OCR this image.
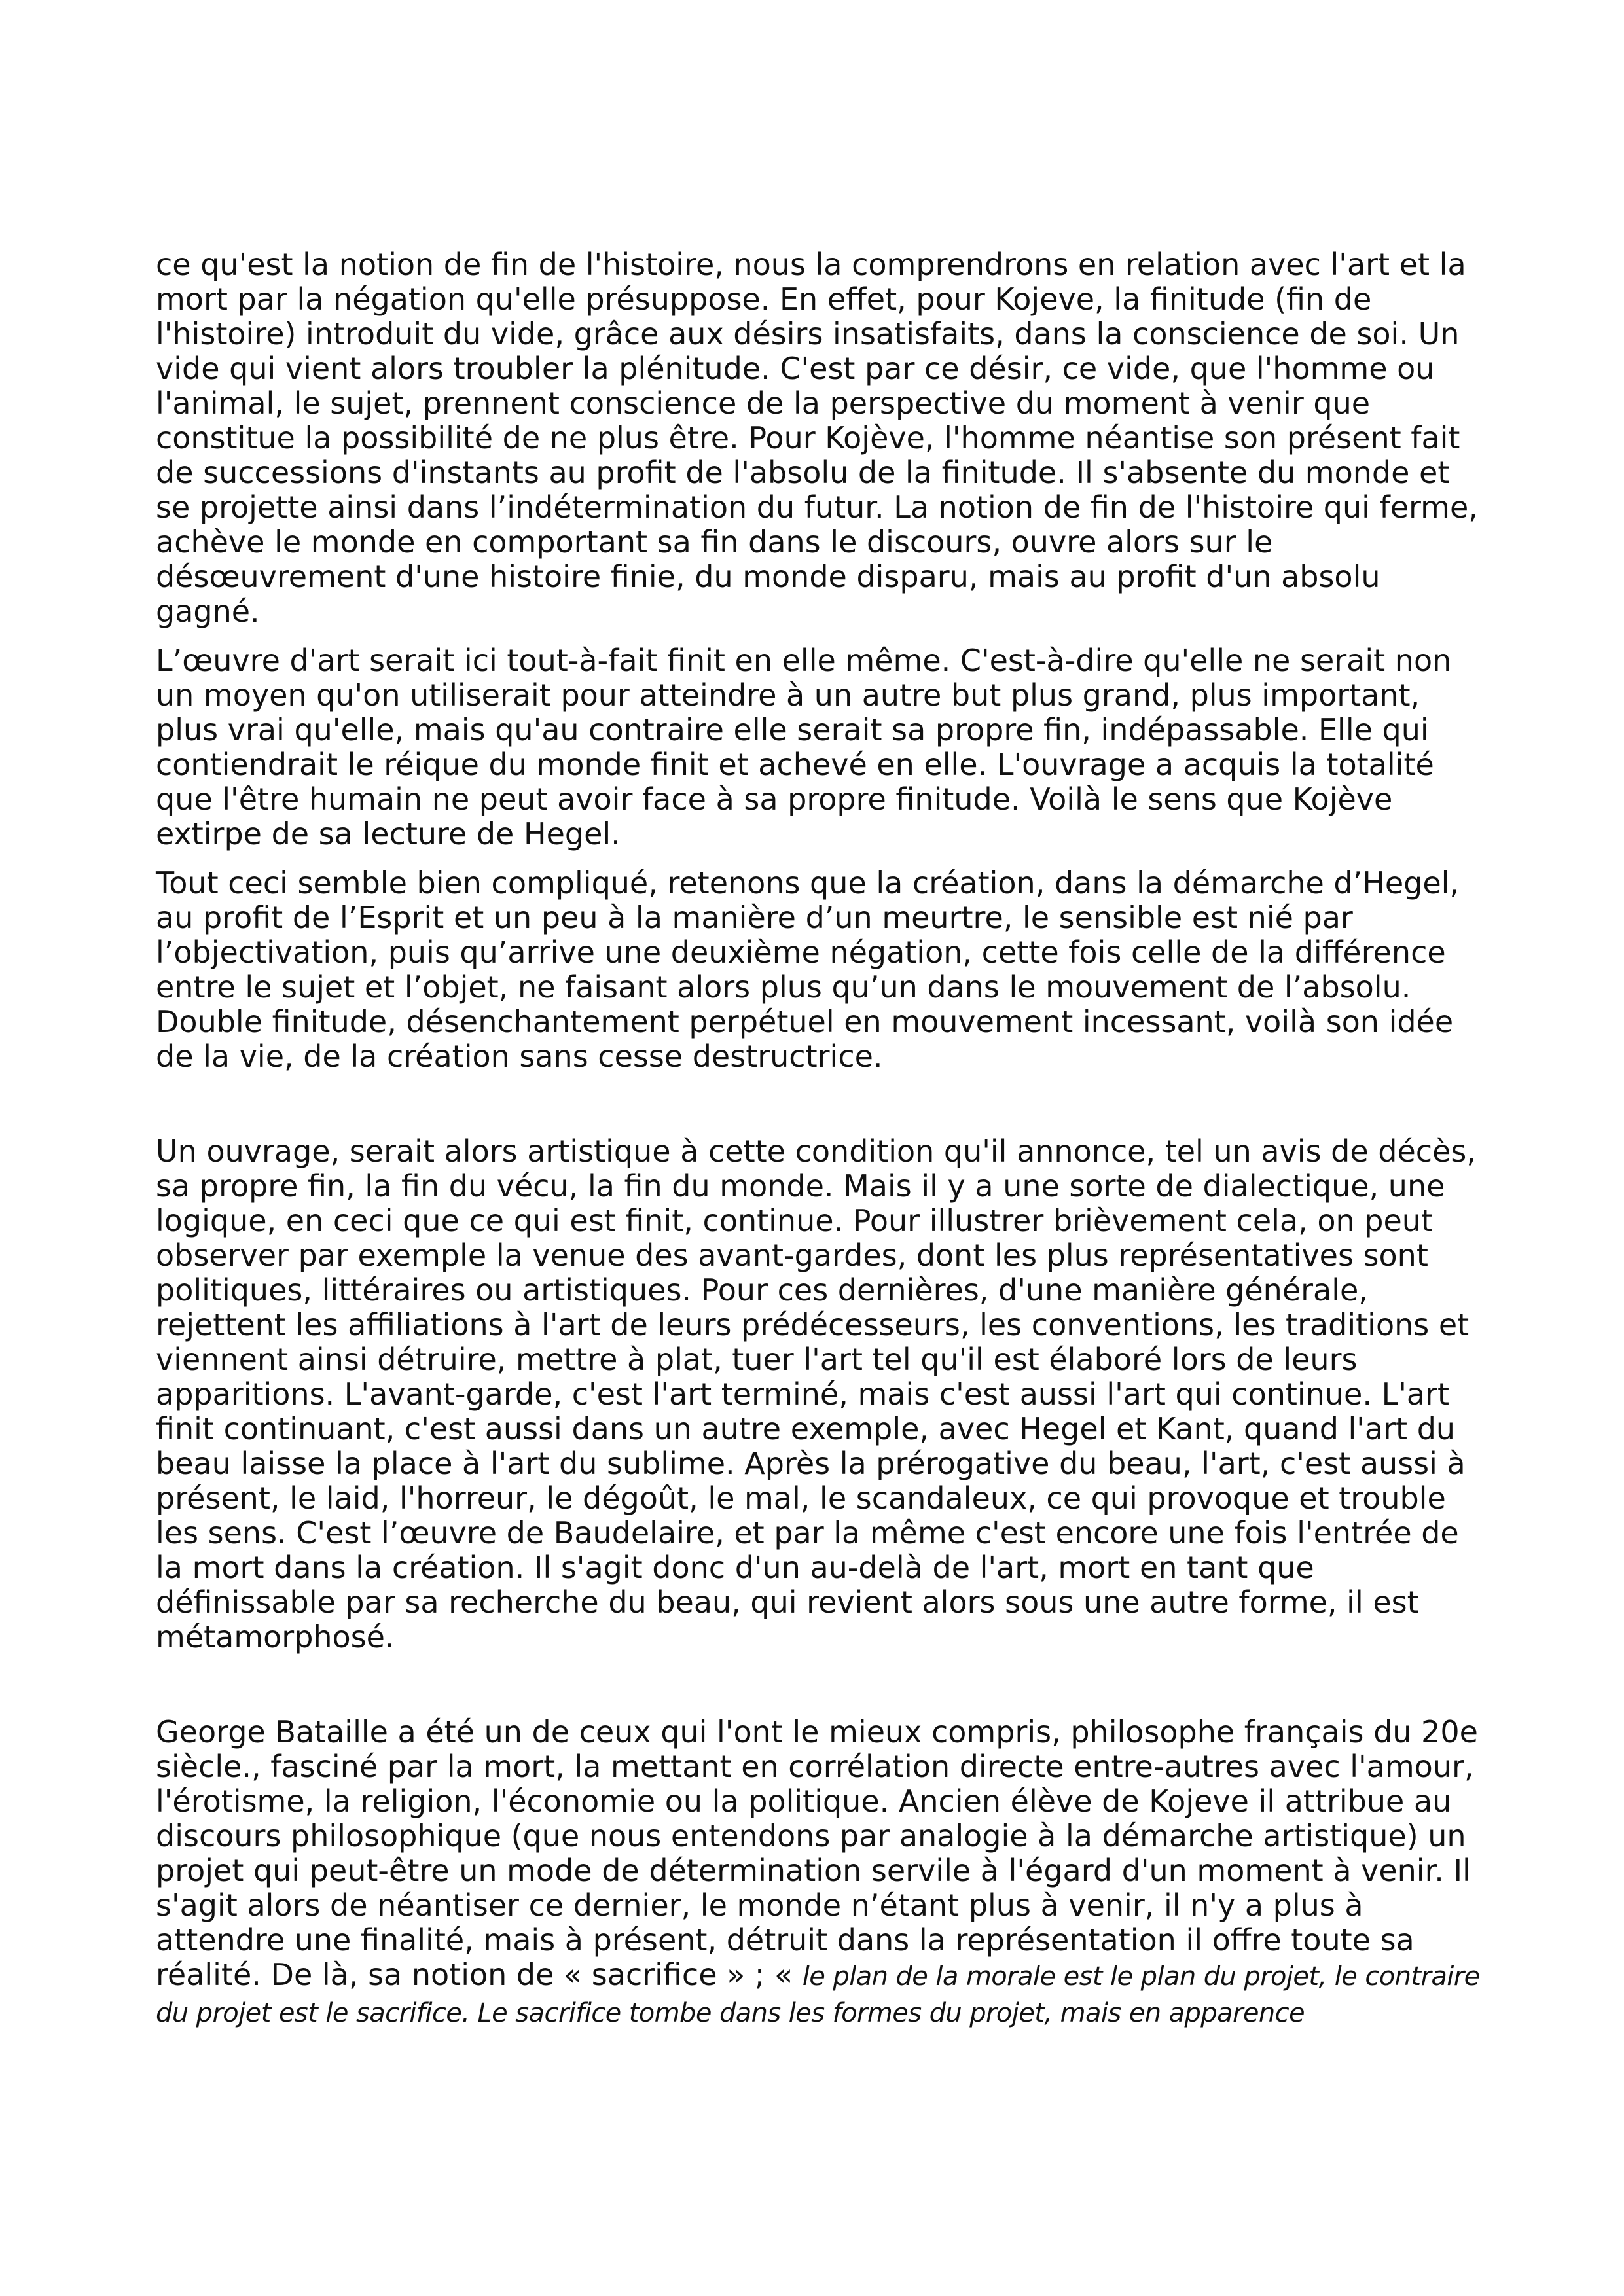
ce qu'est la notion de fin de l'histoire, nous la comprendrons en relation avec l'art et la mort par la négation qu'elle présuppose. En effet, pour Kojeve, la finitude (fin de l'histoire) introduit du vide, grâce aux désirs insatisfaits, dans la conscience de soi. Un vide qui vient alors troubler la plénitude. C'est par ce désir, ce vide, que l'homme ou l'animal, le sujet, prennent conscience de la perspective du moment à venir que constitue la possibilité de ne plus être. Pour Kojève, l'homme néantise son présent fait de successions d'instants au profit de l'absolu de la finitude. Il s'absente du monde et se projette ainsi dans l’indétermination du futur. La notion de fin de l'histoire qui ferme, achève le monde en comportant sa fin dans le discours, ouvre alors sur le désœuvrement d'une histoire finie, du monde disparu, mais au profit d'un absolu gagné.

L’œuvre d'art serait ici tout-à-fait finit en elle même. C'est-à-dire qu'elle ne serait non un moyen qu'on utiliserait pour atteindre à un autre but plus grand, plus important, plus vrai qu'elle, mais qu'au contraire elle serait sa propre fin, indépassable. Elle qui contiendrait le réique du monde finit et achevé en elle. L'ouvrage a acquis la totalité que l'être humain ne peut avoir face à sa propre finitude. Voilà le sens que Kojève extirpe de sa lecture de Hegel.

Tout ceci semble bien compliqué, retenons que la création, dans la démarche d’Hegel, au profit de l’Esprit et un peu à la manière d’un meurtre, le sensible est nié par l’objectivation, puis qu’arrive une deuxième négation, cette fois celle de la différence entre le sujet et l’objet, ne faisant alors plus qu’un dans le mouvement de l’absolu. Double finitude, désenchantement perpétuel en mouvement incessant, voilà son idée de la vie, de la création sans cesse destructrice.

Un ouvrage, serait alors artistique à cette condition qu'il annonce, tel un avis de décès, sa propre fin, la fin du vécu, la fin du monde. Mais il y a une sorte de dialectique, une logique, en ceci que ce qui est finit, continue. Pour illustrer brièvement cela, on peut observer par exemple la venue des avant-gardes, dont les plus représentatives sont politiques, littéraires ou artistiques. Pour ces dernières, d'une manière générale, rejettent les affiliations à l'art de leurs prédécesseurs, les conventions, les traditions et viennent ainsi détruire, mettre à plat, tuer l'art tel qu'il est élaboré lors de leurs apparitions. L'avant-garde, c'est l'art terminé, mais c'est aussi l'art qui continue. L'art finit continuant, c'est aussi dans un autre exemple, avec Hegel et Kant, quand l'art du beau laisse la place à l'art du sublime. Après la prérogative du beau, l'art, c'est aussi à présent, le laid, l'horreur, le dégoût, le mal, le scandaleux, ce qui provoque et trouble les sens. C'est l’œuvre de Baudelaire, et par la même c'est encore une fois l'entrée de la mort dans la création. Il s'agit donc d'un au-delà de l'art, mort en tant que définissable par sa recherche du beau, qui revient alors sous une autre forme, il est métamorphosé.

George Bataille a été un de ceux qui l'ont le mieux compris, philosophe français du 20e siècle., fasciné par la mort, la mettant en corrélation directe entre-autres avec l'amour, l'érotisme, la religion, l'économie ou la politique. Ancien élève de Kojeve il attribue au discours philosophique (que nous entendons par analogie à la démarche artistique) un projet qui peut-être un mode de détermination servile à l'égard d'un moment à venir. Il s'agit alors de néantiser ce dernier, le monde n’étant plus à venir, il n'y a plus à attendre une finalité, mais à présent, détruit dans la représentation il offre toute sa réalité. De là, sa notion de « sacrifice » ; « le plan de la morale est le plan du projet, le contraire du projet est le sacrifice. Le sacrifice tombe dans les formes du projet, mais en apparence
